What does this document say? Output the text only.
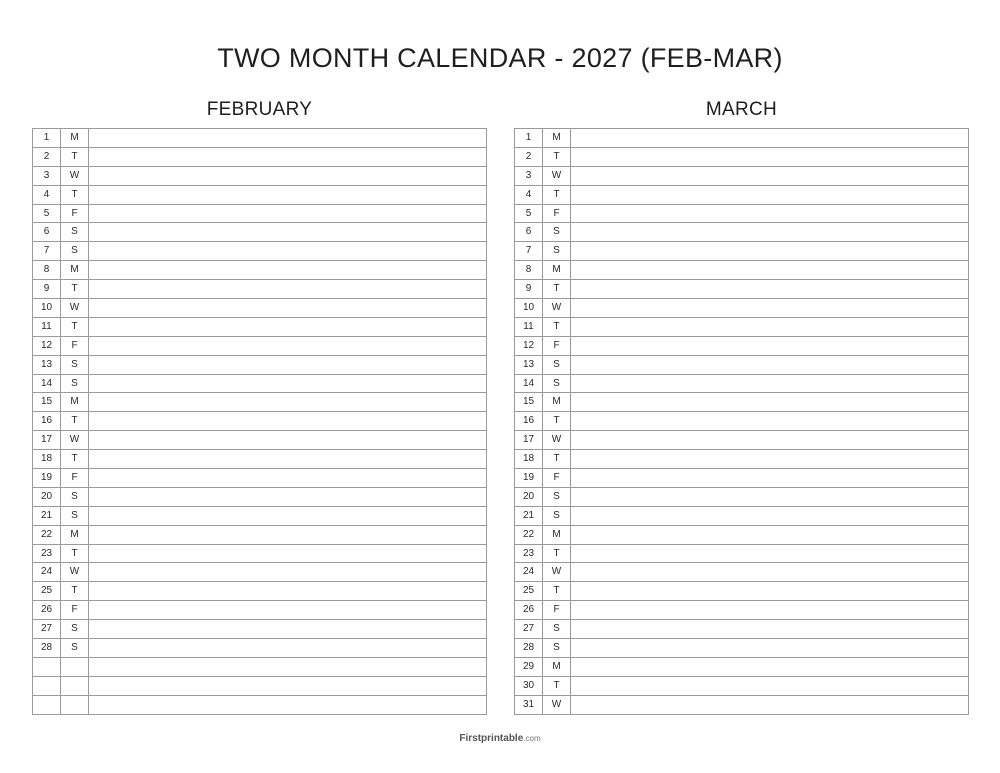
TWO MONTH CALENDAR - 2027 (FEB-MAR)
FEBRUARY
1	M	
2	T	
3	W	
4	T	
5	F	
6	S	
7	S	
8	M	
9	T	
10	W	
11	T	
12	F	
13	S	
14	S	
15	M	
16	T	
17	W	
18	T	
19	F	
20	S	
21	S	
22	M	
23	T	
24	W	
25	T	
26	F	
27	S	
28	S	

MARCH
1	M	
2	T	
3	W	
4	T	
5	F	
6	S	
7	S	
8	M	
9	T	
10	W	
11	T	
12	F	
13	S	
14	S	
15	M	
16	T	
17	W	
18	T	
19	F	
20	S	
21	S	
22	M	
23	T	
24	W	
25	T	
26	F	
27	S	
28	S	
29	M	
30	T	
31	W	
Firstprintable.com
